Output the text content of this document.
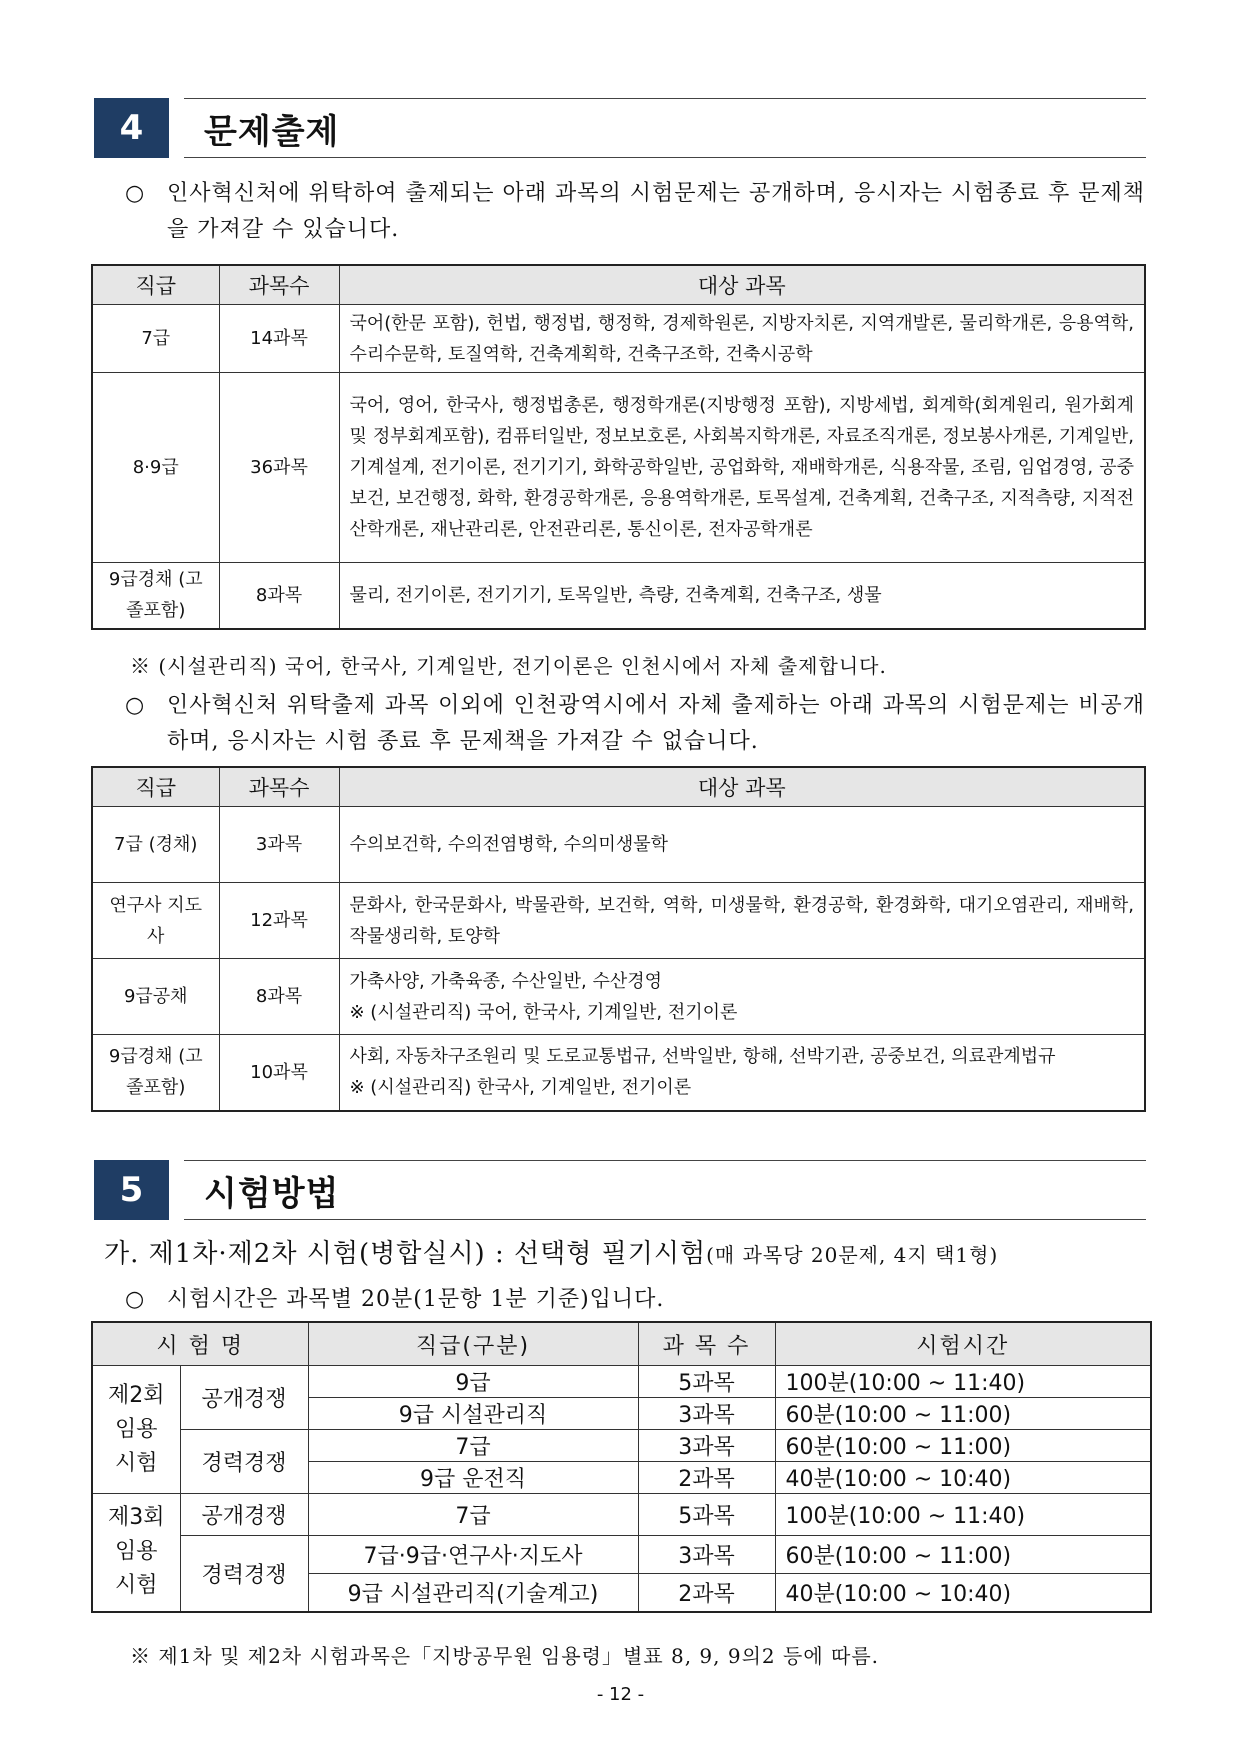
4	문제출제
○ 인사혁신처에 위탁하여 출제되는 아래 과목의 시험문제는 공개하며, 응시자는 시험종료 후 문제책을 가져갈 수 있습니다.
직급	과목수	대상 과목
7급	14과목	국어(한문 포함), 헌법, 행정법, 행정학, 경제학원론, 지방자치론, 지역개발론, 물리학개론, 응용역학, 수리수문학, 토질역학, 건축계획학, 건축구조학, 건축시공학
8·9급	36과목	국어, 영어, 한국사, 행정법총론, 행정학개론(지방행정 포함), 지방세법, 회계학(회계원리, 원가회계 및 정부회계포함), 컴퓨터일반, 정보보호론, 사회복지학개론, 자료조직개론, 정보봉사개론, 기계일반, 기계설계, 전기이론, 전기기기, 화학공학일반, 공업화학, 재배학개론, 식용작물, 조림, 임업경영, 공중보건, 보건행정, 화학, 환경공학개론, 응용역학개론, 토목설계, 건축계획, 건축구조, 지적측량, 지적전산학개론, 재난관리론, 안전관리론, 통신이론, 전자공학개론
9급경채 (고졸포함)	8과목	물리, 전기이론, 전기기기, 토목일반, 측량, 건축계획, 건축구조, 생물
※ (시설관리직) 국어, 한국사, 기계일반, 전기이론은 인천시에서 자체 출제합니다.
○ 인사혁신처 위탁출제 과목 이외에 인천광역시에서 자체 출제하는 아래 과목의 시험문제는 비공개하며, 응시자는 시험 종료 후 문제책을 가져갈 수 없습니다.
직급	과목수	대상 과목
7급 (경채)	3과목	수의보건학, 수의전염병학, 수의미생물학
연구사 지도사	12과목	문화사, 한국문화사, 박물관학, 보건학, 역학, 미생물학, 환경공학, 환경화학, 대기오염관리, 재배학, 작물생리학, 토양학
9급공채	8과목	가축사양, 가축육종, 수산일반, 수산경영
※ (시설관리직) 국어, 한국사, 기계일반, 전기이론

9급경채 (고졸포함)	10과목	사회, 자동차구조원리 및 도로교통법규, 선박일반, 항해, 선박기관, 공중보건, 의료관계법규
※ (시설관리직) 한국사, 기계일반, 전기이론
5	시험방법
가. 제1차·제2차 시험(병합실시) : 선택형 필기시험(매 과목당 20문제, 4지 택1형)
○ 시험시간은 과목별 20분(1문항 1분 기준)입니다.
시 험 명		직급(구분)	과 목 수	시험시간
제2회 임용 시험	공개경쟁	9급	5과목	100분(10:00 ~ 11:40)
		9급 시설관리직	3과목	60분(10:00 ~ 11:00)
	경력경쟁	7급	3과목	60분(10:00 ~ 11:00)
		9급 운전직	2과목	40분(10:00 ~ 10:40)
제3회 임용 시험	공개경쟁	7급	5과목	100분(10:00 ~ 11:40)
	경력경쟁	7급·9급·연구사·지도사	3과목	60분(10:00 ~ 11:00)
		9급 시설관리직(기술계고)	2과목	40분(10:00 ~ 10:40)
※ 제1차 및 제2차 시험과목은「지방공무원 임용령」별표 8, 9, 9의2 등에 따름.
- 12 -
